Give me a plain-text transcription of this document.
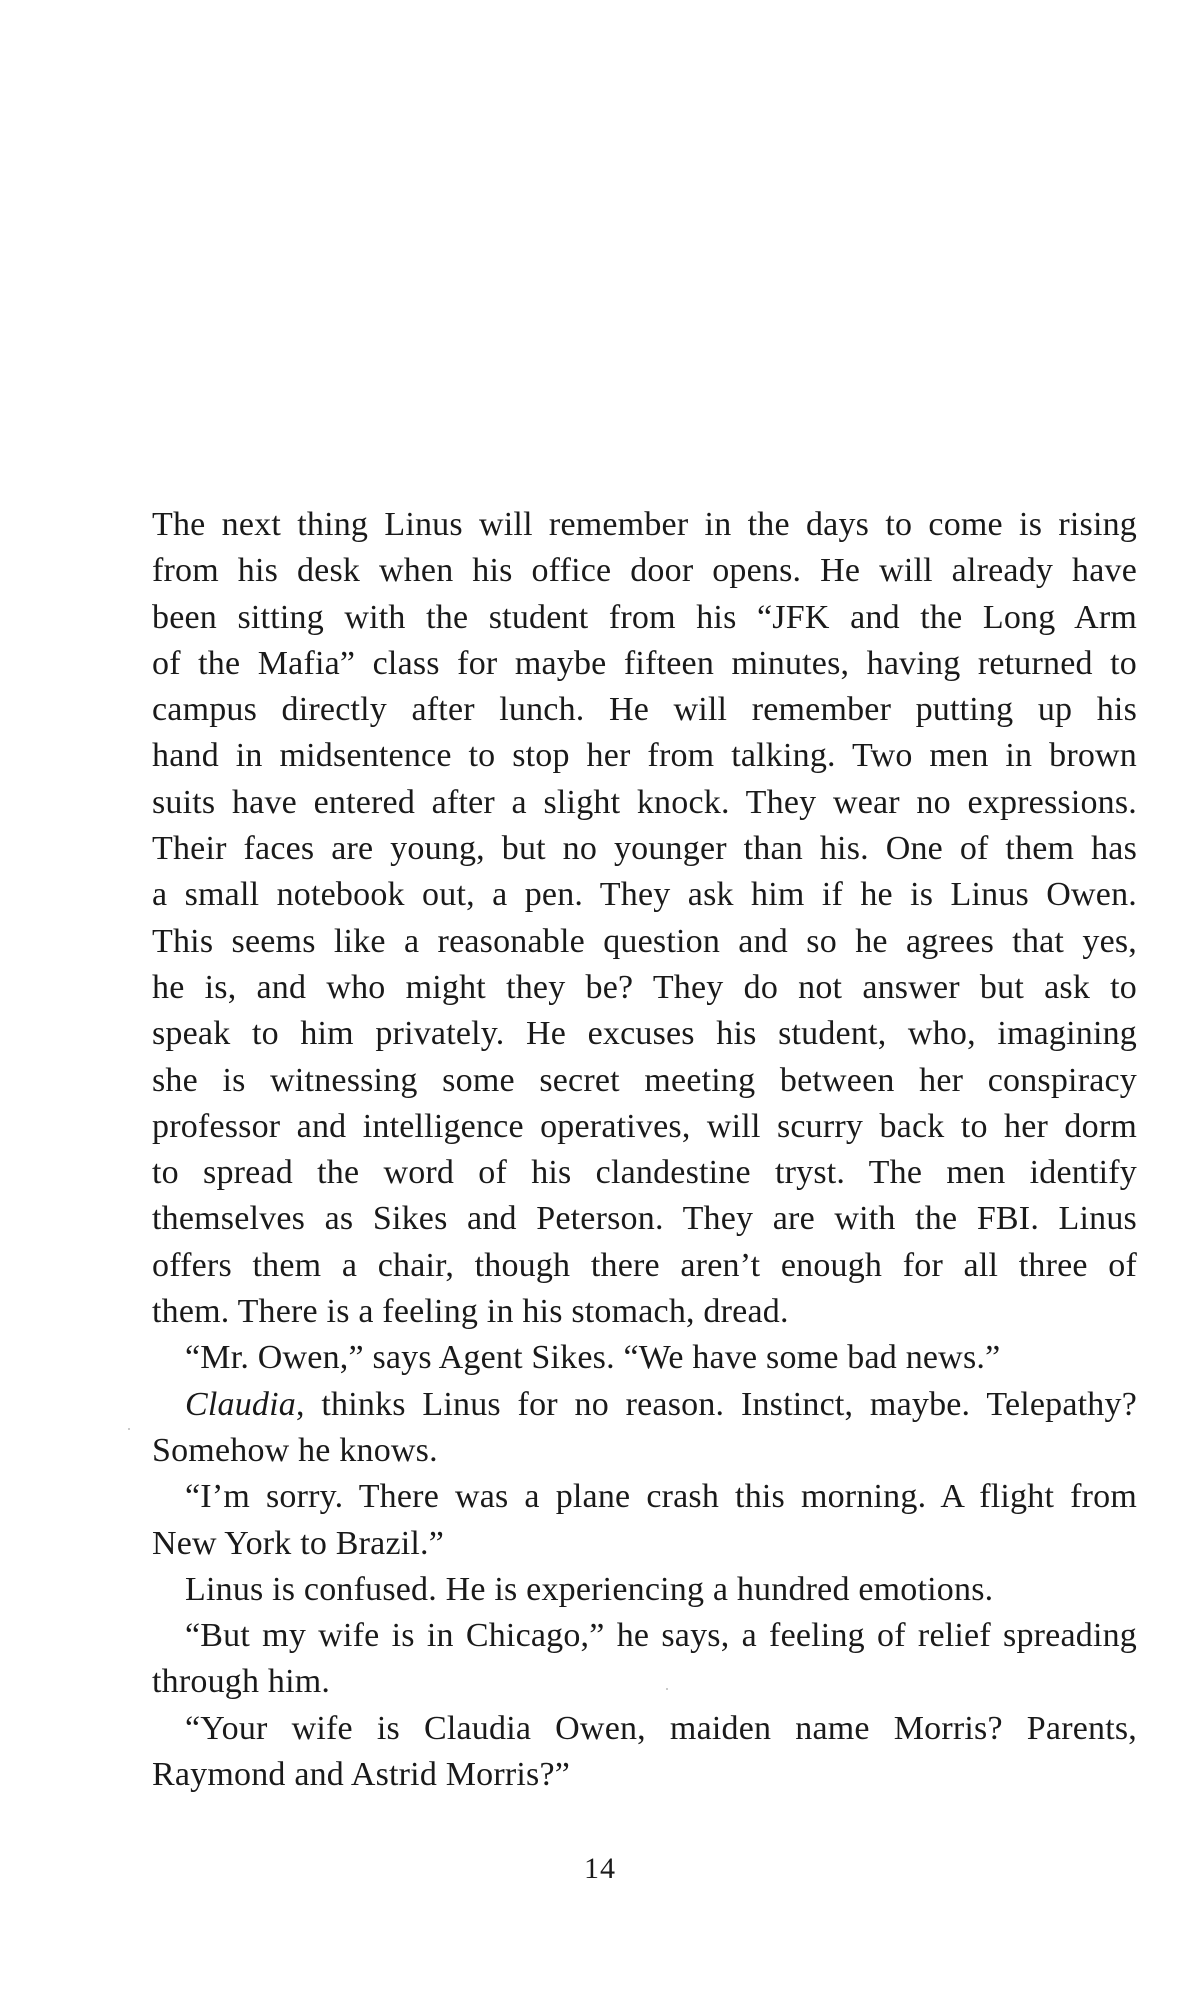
The next thing Linus will remember in the days to come is rising
from his desk when his office door opens. He will already have
been sitting with the student from his “JFK and the Long Arm
of the Mafia” class for maybe fifteen minutes, having returned to
campus directly after lunch. He will remember putting up his
hand in midsentence to stop her from talking. Two men in brown
suits have entered after a slight knock. They wear no expressions.
Their faces are young, but no younger than his. One of them has
a small notebook out, a pen. They ask him if he is Linus Owen.
This seems like a reasonable question and so he agrees that yes,
he is, and who might they be? They do not answer but ask to
speak to him privately. He excuses his student, who, imagining
she is witnessing some secret meeting between her conspiracy
professor and intelligence operatives, will scurry back to her dorm
to spread the word of his clandestine tryst. The men identify
themselves as Sikes and Peterson. They are with the FBI. Linus
offers them a chair, though there aren’t enough for all three of
them. There is a feeling in his stomach, dread.
“Mr. Owen,” says Agent Sikes. “We have some bad news.”
Claudia, thinks Linus for no reason. Instinct, maybe. Telepathy?
Somehow he knows.
“I’m sorry. There was a plane crash this morning. A flight from
New York to Brazil.”
Linus is confused. He is experiencing a hundred emotions.
“But my wife is in Chicago,” he says, a feeling of relief spreading
through him.
“Your wife is Claudia Owen, maiden name Morris? Parents,
Raymond and Astrid Morris?”
14
